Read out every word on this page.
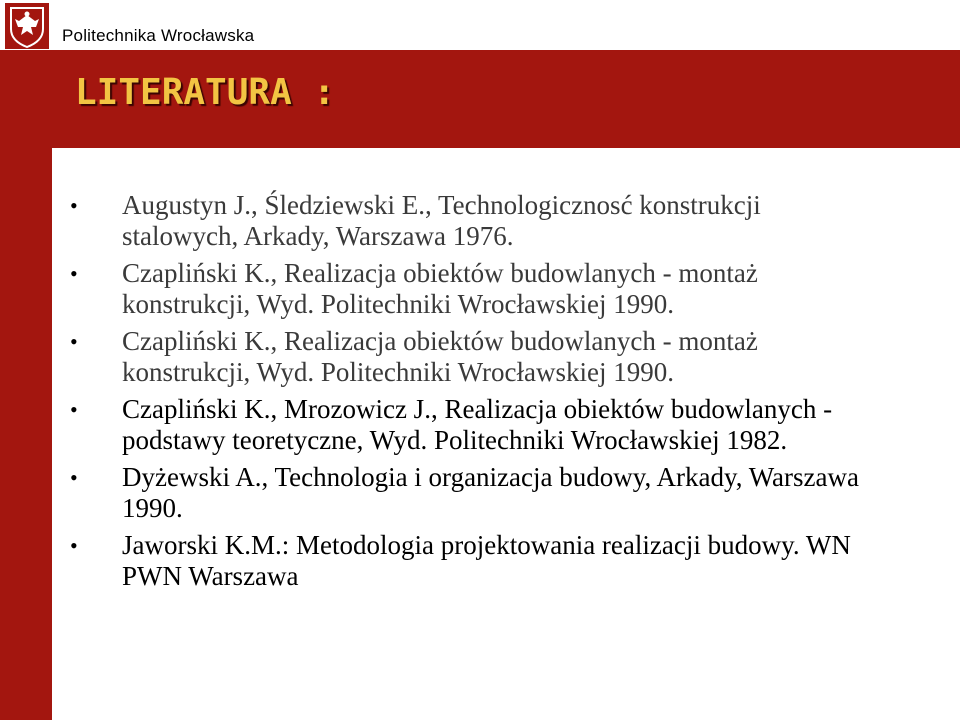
Politechnika Wrocławska
LITERATURA :
• Augustyn J., Śledziewski E., Technologicznosć konstrukcji stalowych, Arkady, Warszawa 1976.
• Czapliński K., Realizacja obiektów budowlanych - montaż konstrukcji, Wyd. Politechniki Wrocławskiej 1990.
• Czapliński K., Realizacja obiektów budowlanych - montaż konstrukcji, Wyd. Politechniki Wrocławskiej 1990.
• Czapliński K., Mrozowicz J., Realizacja obiektów budowlanych - podstawy teoretyczne, Wyd. Politechniki Wrocławskiej 1982.
• Dyżewski A., Technologia i organizacja budowy, Arkady, Warszawa 1990.
• Jaworski K.M.: Metodologia projektowania realizacji budowy. WN PWN Warszawa
